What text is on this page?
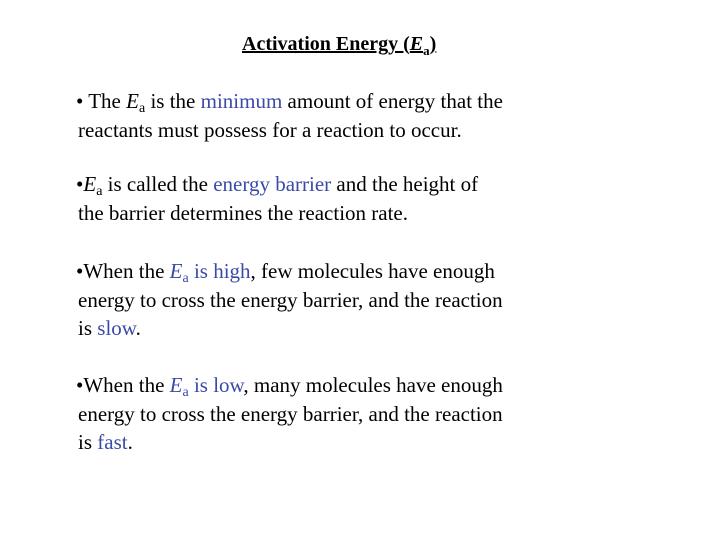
Activation Energy $(E_a)$
• The $E_a$ is the minimum amount of energy that the
reactants must possess for a reaction to occur.
$•E_a$ is called the energy barrier and the height of
the barrier determines the reaction rate.
•When the $E_a$ is high, few molecules have enough
energy to cross the energy barrier, and the reaction
is slow.
•When the $E_a$ is low, many molecules have enough
energy to cross the energy barrier, and the reaction
is fast.
